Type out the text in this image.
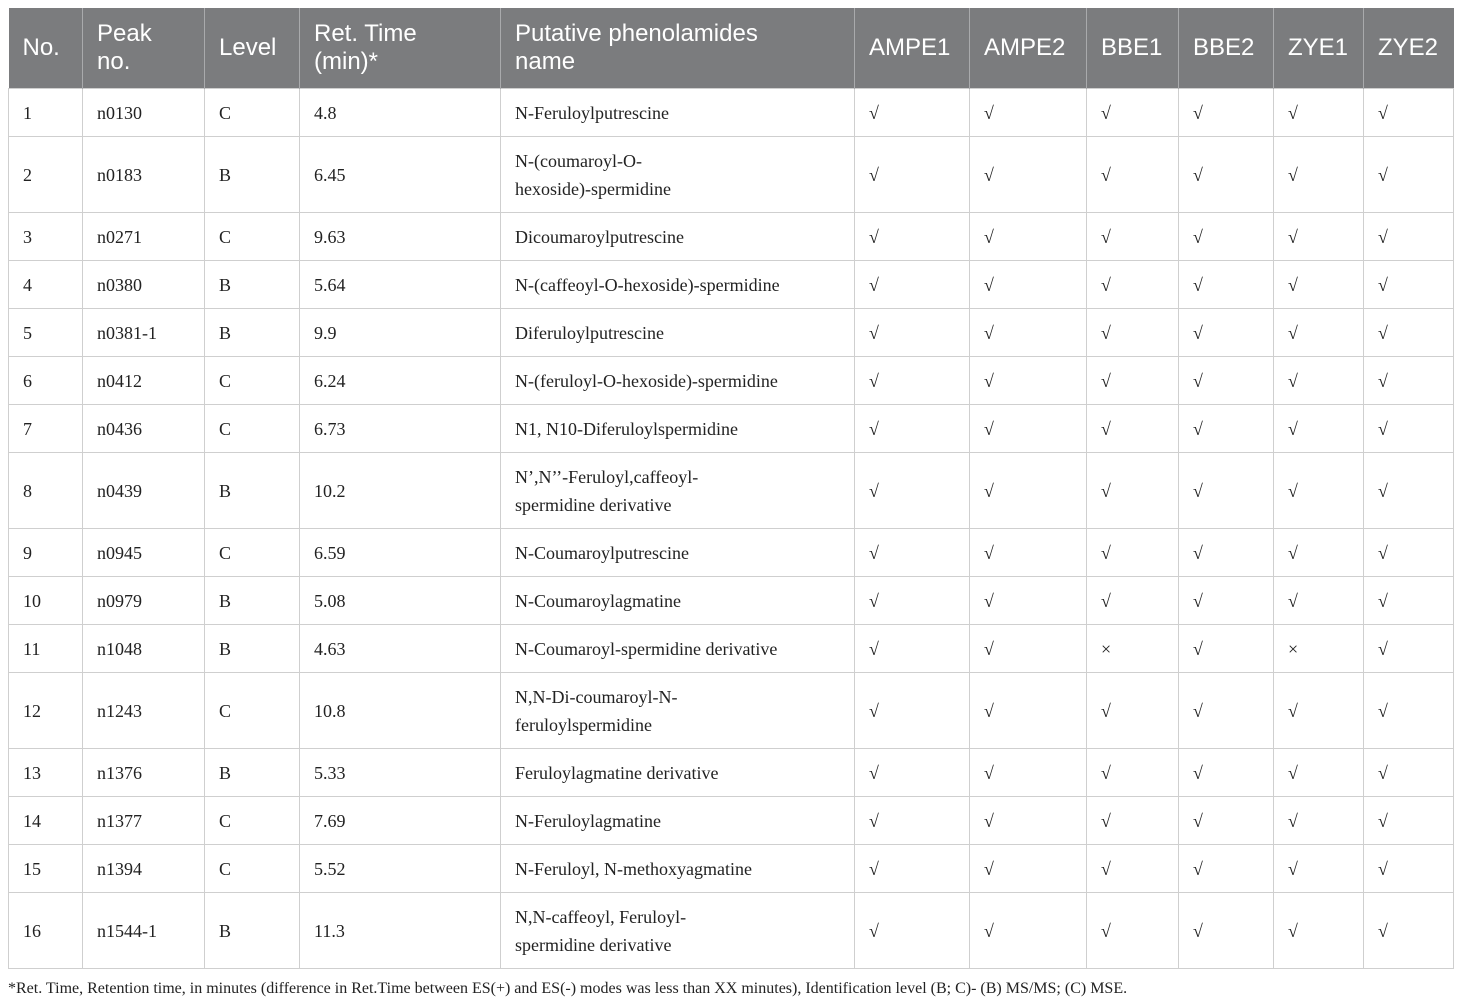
No.	Peak no.	Level	Ret. Time (min)*	Putative phenolamides name	AMPE1	AMPE2	BBE1	BBE2	ZYE1	ZYE2
1	n0130	C	4.8	N-Feruloylputrescine	√	√	√	√	√	√
2	n0183	B	6.45	N-(coumaroyl-O-hexoside)-spermidine	√	√	√	√	√	√
3	n0271	C	9.63	Dicoumaroylputrescine	√	√	√	√	√	√
4	n0380	B	5.64	N-(caffeoyl-O-hexoside)-spermidine	√	√	√	√	√	√
5	n0381-1	B	9.9	Diferuloylputrescine	√	√	√	√	√	√
6	n0412	C	6.24	N-(feruloyl-O-hexoside)-spermidine	√	√	√	√	√	√
7	n0436	C	6.73	N1, N10-Diferuloylspermidine	√	√	√	√	√	√
8	n0439	B	10.2	N’,N’’-Feruloyl,caffeoyl-spermidine derivative	√	√	√	√	√	√
9	n0945	C	6.59	N-Coumaroylputrescine	√	√	√	√	√	√
10	n0979	B	5.08	N-Coumaroylagmatine	√	√	√	√	√	√
11	n1048	B	4.63	N-Coumaroyl-spermidine derivative	√	√	×	√	×	√
12	n1243	C	10.8	N,N-Di-coumaroyl-N-feruloylspermidine	√	√	√	√	√	√
13	n1376	B	5.33	Feruloylagmatine derivative	√	√	√	√	√	√
14	n1377	C	7.69	N-Feruloylagmatine	√	√	√	√	√	√
15	n1394	C	5.52	N-Feruloyl, N-methoxyagmatine	√	√	√	√	√	√
16	n1544-1	B	11.3	N,N-caffeoyl, Feruloyl-spermidine derivative	√	√	√	√	√	√
*Ret. Time, Retention time, in minutes (difference in Ret.Time between ES(+) and ES(-) modes was less than XX minutes), Identification level (B; C)- (B) MS/MS; (C) MSE.
